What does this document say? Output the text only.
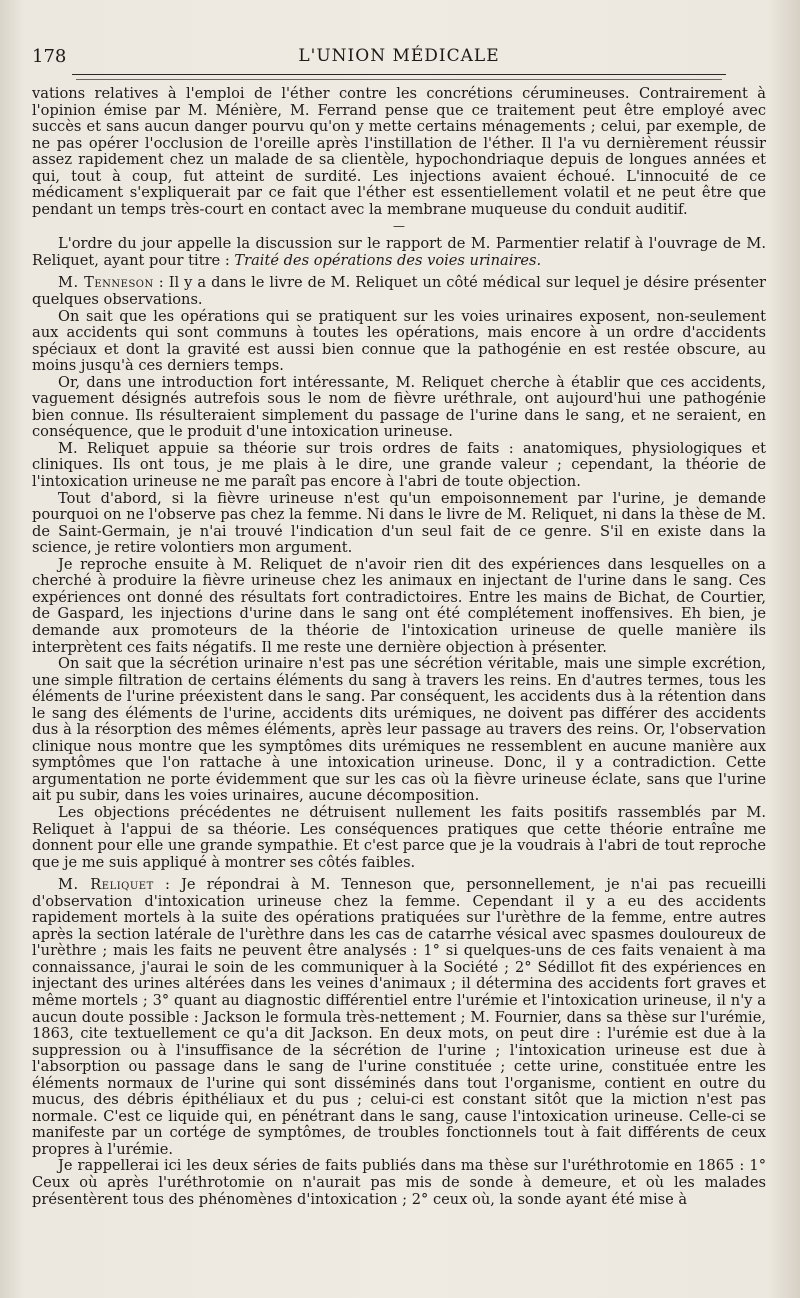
178	L'UNION MÉDICALE

vations relatives à l'emploi de l'éther contre les concrétions cérumineuses. Contrairement à l'opinion émise par M. Ménière, M. Ferrand pense que ce traitement peut être employé avec succès et sans aucun danger pourvu qu'on y mette certains ménagements ; celui, par exemple, de ne pas opérer l'occlusion de l'oreille après l'instillation de l'éther. Il l'a vu dernièrement réussir assez rapidement chez un malade de sa clientèle, hypochondriaque depuis de longues années et qui, tout à coup, fut atteint de surdité. Les injections avaient échoué. L'innocuité de ce médicament s'expliquerait par ce fait que l'éther est essentiellement volatil et ne peut être que pendant un temps très-court en contact avec la membrane muqueuse du conduit auditif.

—

L'ordre du jour appelle la discussion sur le rapport de M. Parmentier relatif à l'ouvrage de M. Reliquet, ayant pour titre : Traité des opérations des voies urinaires.

M. Tenneson : Il y a dans le livre de M. Reliquet un côté médical sur lequel je désire présenter quelques observations.

On sait que les opérations qui se pratiquent sur les voies urinaires exposent, non-seulement aux accidents qui sont communs à toutes les opérations, mais encore à un ordre d'accidents spéciaux et dont la gravité est aussi bien connue que la pathogénie en est restée obscure, au moins jusqu'à ces derniers temps.

Or, dans une introduction fort intéressante, M. Reliquet cherche à établir que ces accidents, vaguement désignés autrefois sous le nom de fièvre uréthrale, ont aujourd'hui une pathogénie bien connue. Ils résulteraient simplement du passage de l'urine dans le sang, et ne seraient, en conséquence, que le produit d'une intoxication urineuse.

M. Reliquet appuie sa théorie sur trois ordres de faits : anatomiques, physiologiques et cliniques. Ils ont tous, je me plais à le dire, une grande valeur ; cependant, la théorie de l'intoxication urineuse ne me paraît pas encore à l'abri de toute objection.

Tout d'abord, si la fièvre urineuse n'est qu'un empoisonnement par l'urine, je demande pourquoi on ne l'observe pas chez la femme. Ni dans le livre de M. Reliquet, ni dans la thèse de M. de Saint-Germain, je n'ai trouvé l'indication d'un seul fait de ce genre. S'il en existe dans la science, je retire volontiers mon argument.

Je reproche ensuite à M. Reliquet de n'avoir rien dit des expériences dans lesquelles on a cherché à produire la fièvre urineuse chez les animaux en injectant de l'urine dans le sang. Ces expériences ont donné des résultats fort contradictoires. Entre les mains de Bichat, de Courtier, de Gaspard, les injections d'urine dans le sang ont été complétement inoffensives. Eh bien, je demande aux promoteurs de la théorie de l'intoxication urineuse de quelle manière ils interprètent ces faits négatifs. Il me reste une dernière objection à présenter.

On sait que la sécrétion urinaire n'est pas une sécrétion véritable, mais une simple excrétion, une simple filtration de certains éléments du sang à travers les reins. En d'autres termes, tous les éléments de l'urine préexistent dans le sang. Par conséquent, les accidents dus à la rétention dans le sang des éléments de l'urine, accidents dits urémiques, ne doivent pas différer des accidents dus à la résorption des mêmes éléments, après leur passage au travers des reins. Or, l'observation clinique nous montre que les symptômes dits urémiques ne ressemblent en aucune manière aux symptômes que l'on rattache à une intoxication urineuse. Donc, il y a contradiction. Cette argumentation ne porte évidemment que sur les cas où la fièvre urineuse éclate, sans que l'urine ait pu subir, dans les voies urinaires, aucune décomposition.

Les objections précédentes ne détruisent nullement les faits positifs rassemblés par M. Reliquet à l'appui de sa théorie. Les conséquences pratiques que cette théorie entraîne me donnent pour elle une grande sympathie. Et c'est parce que je la voudrais à l'abri de tout reproche que je me suis appliqué à montrer ses côtés faibles.

M. Reliquet : Je répondrai à M. Tenneson que, personnellement, je n'ai pas recueilli d'observation d'intoxication urineuse chez la femme. Cependant il y a eu des accidents rapidement mortels à la suite des opérations pratiquées sur l'urèthre de la femme, entre autres après la section latérale de l'urèthre dans les cas de catarrhe vésical avec spasmes douloureux de l'urèthre ; mais les faits ne peuvent être analysés : 1° si quelques-uns de ces faits venaient à ma connaissance, j'aurai le soin de les communiquer à la Société ; 2° Sédillot fit des expériences en injectant des urines altérées dans les veines d'animaux ; il détermina des accidents fort graves et même mortels ; 3° quant au diagnostic différentiel entre l'urémie et l'intoxication urineuse, il n'y a aucun doute possible : Jackson le formula très-nettement ; M. Fournier, dans sa thèse sur l'urémie, 1863, cite textuellement ce qu'a dit Jackson. En deux mots, on peut dire : l'urémie est due à la suppression ou à l'insuffisance de la sécrétion de l'urine ; l'intoxication urineuse est due à l'absorption ou passage dans le sang de l'urine constituée ; cette urine, constituée entre les éléments normaux de l'urine qui sont disséminés dans tout l'organisme, contient en outre du mucus, des débris épithéliaux et du pus ; celui-ci est constant sitôt que la miction n'est pas normale. C'est ce liquide qui, en pénétrant dans le sang, cause l'intoxication urineuse. Celle-ci se manifeste par un cortége de symptômes, de troubles fonctionnels tout à fait différents de ceux propres à l'urémie.

Je rappellerai ici les deux séries de faits publiés dans ma thèse sur l'uréthrotomie en 1865 : 1° Ceux où après l'uréthrotomie on n'aurait pas mis de sonde à demeure, et où les malades présentèrent tous des phénomènes d'intoxication ; 2° ceux où, la sonde ayant été mise à
